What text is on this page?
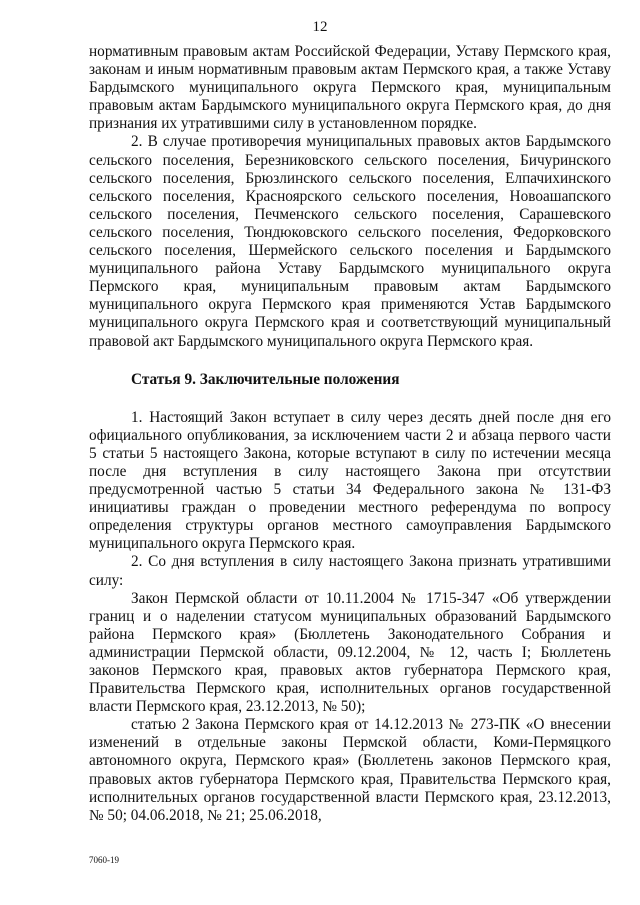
12

нормативным правовым актам Российской Федерации, Уставу Пермского края, законам и иным нормативным правовым актам Пермского края, а также Уставу Бардымского муниципального округа Пермского края, муниципальным правовым актам Бардымского муниципального округа Пермского края, до дня признания их утратившими силу в установленном порядке.

2. В случае противоречия муниципальных правовых актов Бардымского сельского поселения, Березниковского сельского поселения, Бичуринского сельского поселения, Брюзлинского сельского поселения, Елпачихинского сельского поселения, Красноярского сельского поселения, Новоашапского сельского поселения, Печменского сельского поселения, Сарашевского сельского поселения, Тюндюковского сельского поселения, Федорковского сельского поселения, Шермейского сельского поселения и Бардымского муниципального района Уставу Бардымского муниципального округа Пермского края, муниципальным правовым актам Бардымского муниципального округа Пермского края применяются Устав Бардымского муниципального округа Пермского края и соответствующий муниципальный правовой акт Бардымского муниципального округа Пермского края.

Статья 9. Заключительные положения

1. Настоящий Закон вступает в силу через десять дней после дня его официального опубликования, за исключением части 2 и абзаца первого части 5 статьи 5 настоящего Закона, которые вступают в силу по истечении месяца после дня вступления в силу настоящего Закона при отсутствии предусмотренной частью 5 статьи 34 Федерального закона № 131-ФЗ инициативы граждан о проведении местного референдума по вопросу определения структуры органов местного самоуправления Бардымского муниципального округа Пермского края.

2. Со дня вступления в силу настоящего Закона признать утратившими силу:

Закон Пермской области от 10.11.2004 № 1715-347 «Об утверждении границ и о наделении статусом муниципальных образований Бардымского района Пермского края» (Бюллетень Законодательного Собрания и администрации Пермской области, 09.12.2004, № 12, часть I; Бюллетень законов Пермского края, правовых актов губернатора Пермского края, Правительства Пермского края, исполнительных органов государственной власти Пермского края, 23.12.2013, № 50);

статью 2 Закона Пермского края от 14.12.2013 № 273-ПК «О внесении изменений в отдельные законы Пермской области, Коми-Пермяцкого автономного округа, Пермского края» (Бюллетень законов Пермского края, правовых актов губернатора Пермского края, Правительства Пермского края, исполнительных органов государственной власти Пермского края, 23.12.2013, № 50; 04.06.2018, № 21; 25.06.2018,

7060-19
